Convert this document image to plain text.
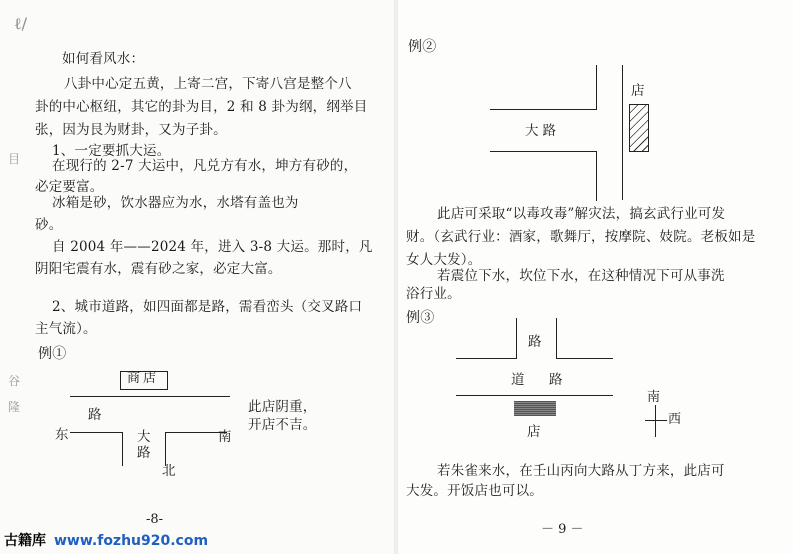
ℓ/
目
谷
隆
如何看风水：
八卦中心定五黄，上寄二宫，下寄八宫是整个八
卦的中心枢纽，其它的卦为目，2 和 8 卦为纲，纲举目
张，因为艮为财卦，又为子卦。
1、一定要抓大运。
在现行的 2-7 大运中，凡兑方有水，坤方有砂的，
必定要富。
冰箱是砂，饮水器应为水，水塔有盖也为
砂。
自 2004 年——2024 年，进入 3-8 大运。那时，凡
阴阳宅震有水，震有砂之家，必定大富。
2、城市道路，如四面都是路，需看峦头（交叉路口
主气流）。
例①
商店
路
大
路
东	南
北
此店阴重，
开店不吉。
-8-
例②
大路
店
此店可采取“以毒攻毒”解灾法，搞玄武行业可发
财。（玄武行业：酒家，歌舞厅，按摩院、妓院。老板如是
女人大发）。
若震位下水，坎位下水，在这种情况下可从事洗
浴行业。
例③
路
道 路
店
南
西
若朱雀来水，在壬山丙向大路从丁方来，此店可
大发。开饭店也可以。
－ 9 －
古籍库 www.fozhu920.com
